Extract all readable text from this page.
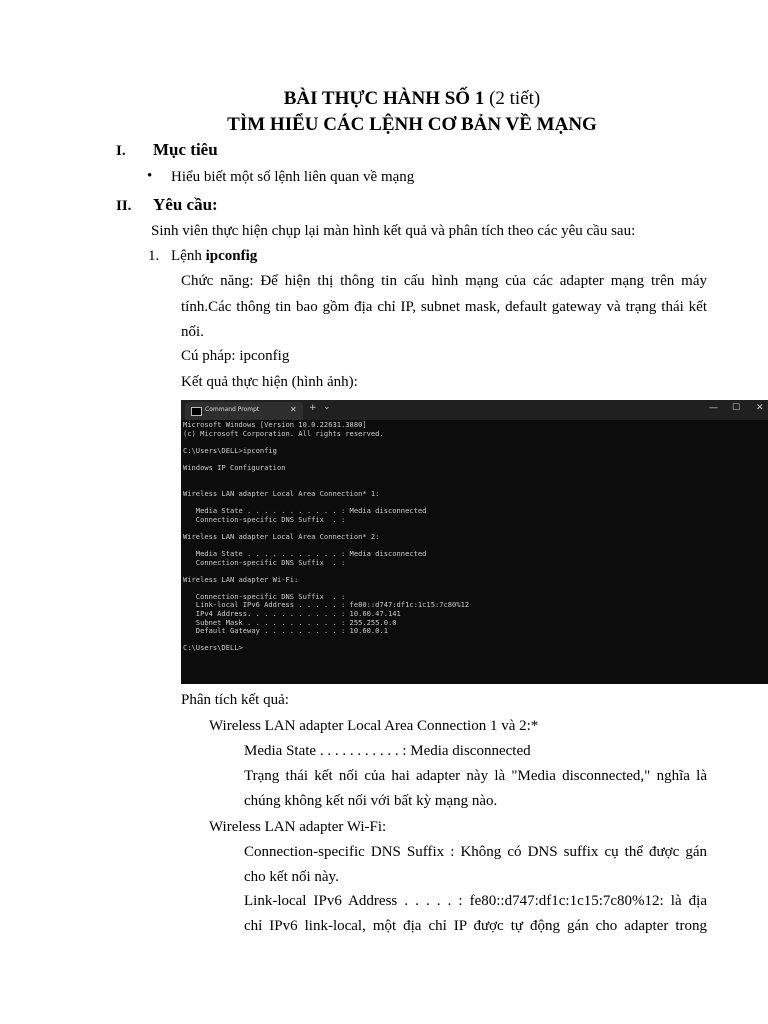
BÀI THỰC HÀNH SỐ 1 (2 tiết)
TÌM HIỂU CÁC LỆNH CƠ BẢN VỀ MẠNG
I. Mục tiêu
• Hiểu biết một số lệnh liên quan về mạng
II. Yêu cầu:
Sinh viên thực hiện chụp lại màn hình kết quả và phân tích theo các yêu cầu sau:
1. Lệnh ipconfig
Chức năng: Để hiện thị thông tin cấu hình mạng của các adapter mạng trên máy
tính.Các thông tin bao gồm địa chỉ IP, subnet mask, default gateway và trạng thái kết
nối.
Cú pháp: ipconfig
Kết quả thực hiện (hình ảnh):
Command Prompt	✕ + ⌄	— ☐ ✕
Microsoft Windows [Version 10.0.22631.3880]
(c) Microsoft Corporation. All rights reserved.
C:\Users\DELL>ipconfig
Windows IP Configuration
Wireless LAN adapter Local Area Connection* 1:
Media State . . . . . . . . . . . : Media disconnected
Connection-specific DNS Suffix  . :
Wireless LAN adapter Local Area Connection* 2:
Media State . . . . . . . . . . . : Media disconnected
Connection-specific DNS Suffix  . :
Wireless LAN adapter Wi-Fi:
Connection-specific DNS Suffix  . :
Link-local IPv6 Address . . . . . : fe80::d747:df1c:1c15:7c80%12
IPv4 Address. . . . . . . . . . . : 10.60.47.141
Subnet Mask . . . . . . . . . . . : 255.255.0.0
Default Gateway . . . . . . . . . : 10.60.0.1
C:\Users\DELL>
Phân tích kết quả:
Wireless LAN adapter Local Area Connection 1 và 2:*
Media State . . . . . . . . . . . : Media disconnected
Trạng thái kết nối của hai adapter này là "Media disconnected," nghĩa là
chúng không kết nối với bất kỳ mạng nào.
Wireless LAN adapter Wi-Fi:
Connection-specific DNS Suffix : Không có DNS suffix cụ thể được gán
cho kết nối này.
Link-local IPv6 Address . . . . . : fe80::d747:df1c:1c15:7c80%12: là địa
chỉ IPv6 link-local, một địa chỉ IP được tự động gán cho adapter trong
